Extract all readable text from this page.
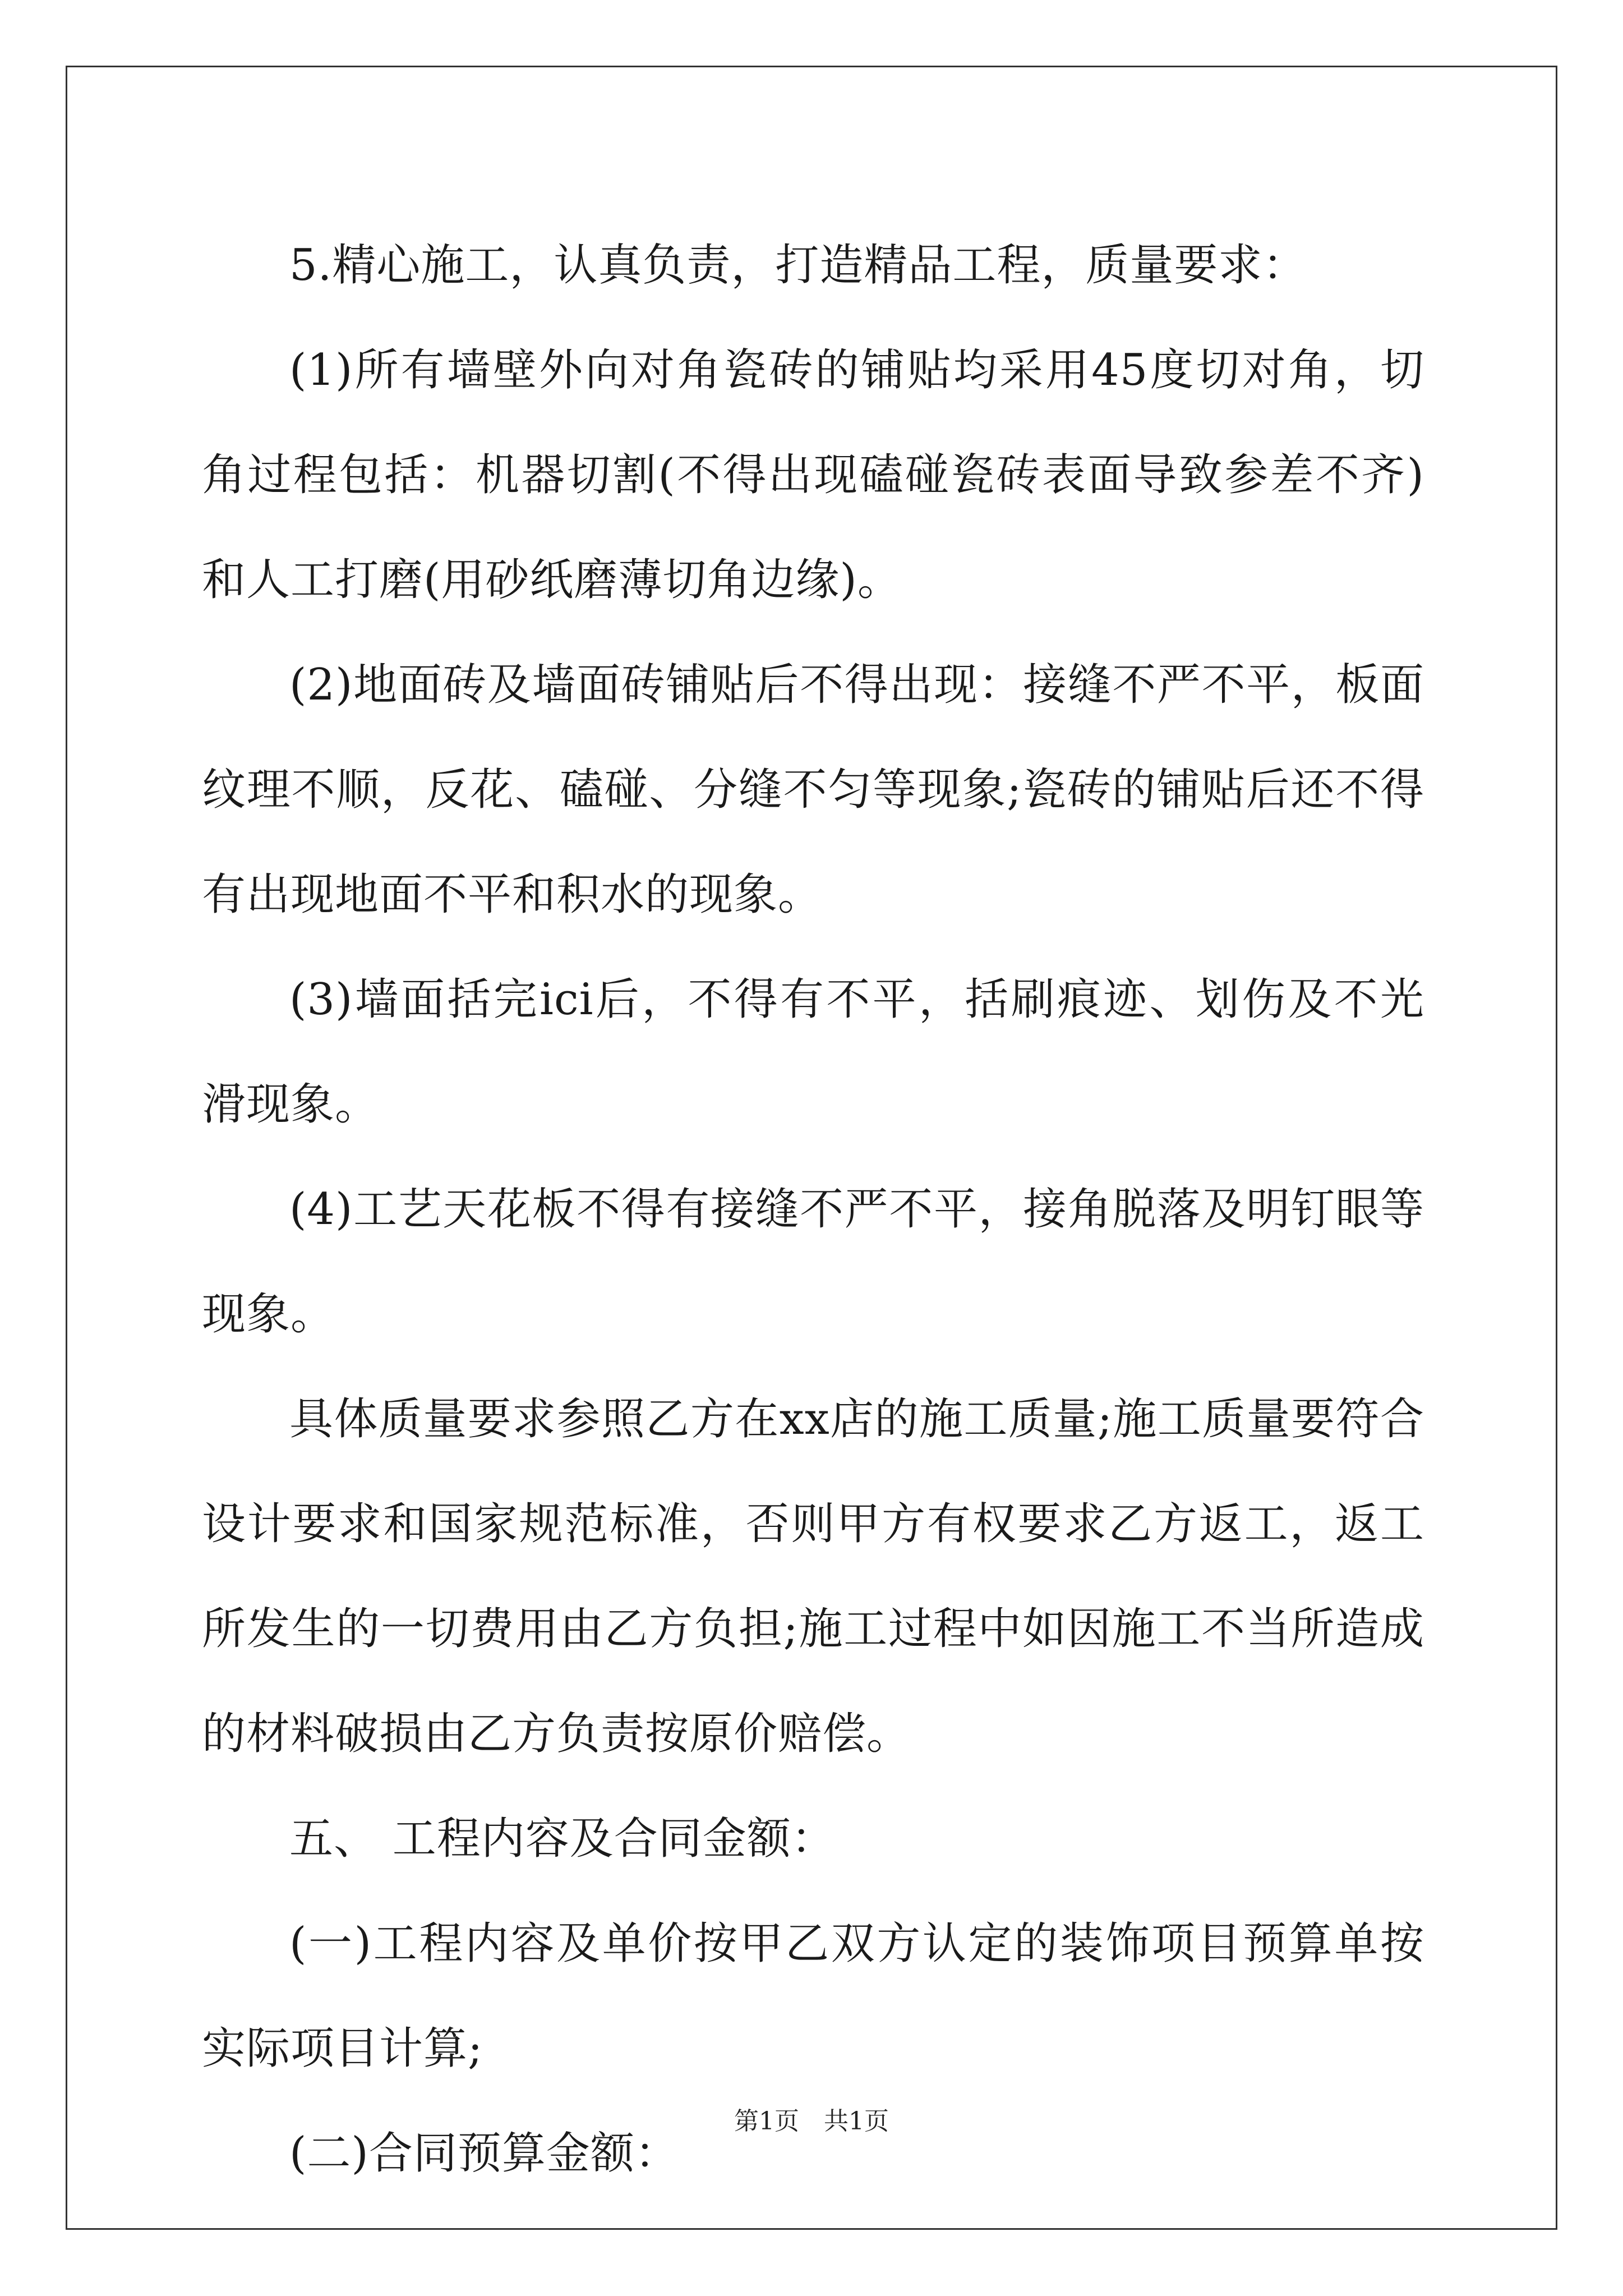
5.精心施工，认真负责，打造精品工程，质量要求：

(1)所有墙壁外向对角瓷砖的铺贴均采用45度切对角，切角过程包括：机器切割(不得出现磕碰瓷砖表面导致参差不齐)和人工打磨(用砂纸磨薄切角边缘)。

(2)地面砖及墙面砖铺贴后不得出现：接缝不严不平，板面纹理不顺，反花、磕碰、分缝不匀等现象;瓷砖的铺贴后还不得有出现地面不平和积水的现象。

(3)墙面括完ici后，不得有不平，括刷痕迹、划伤及不光滑现象。

(4)工艺天花板不得有接缝不严不平，接角脱落及明钉眼等现象。

具体质量要求参照乙方在xx店的施工质量;施工质量要符合设计要求和国家规范标准，否则甲方有权要求乙方返工，返工所发生的一切费用由乙方负担;施工过程中如因施工不当所造成的材料破损由乙方负责按原价赔偿。

五、 工程内容及合同金额：

(一)工程内容及单价按甲乙双方认定的装饰项目预算单按实际项目计算;

(二)合同预算金额：

第1页 共1页
